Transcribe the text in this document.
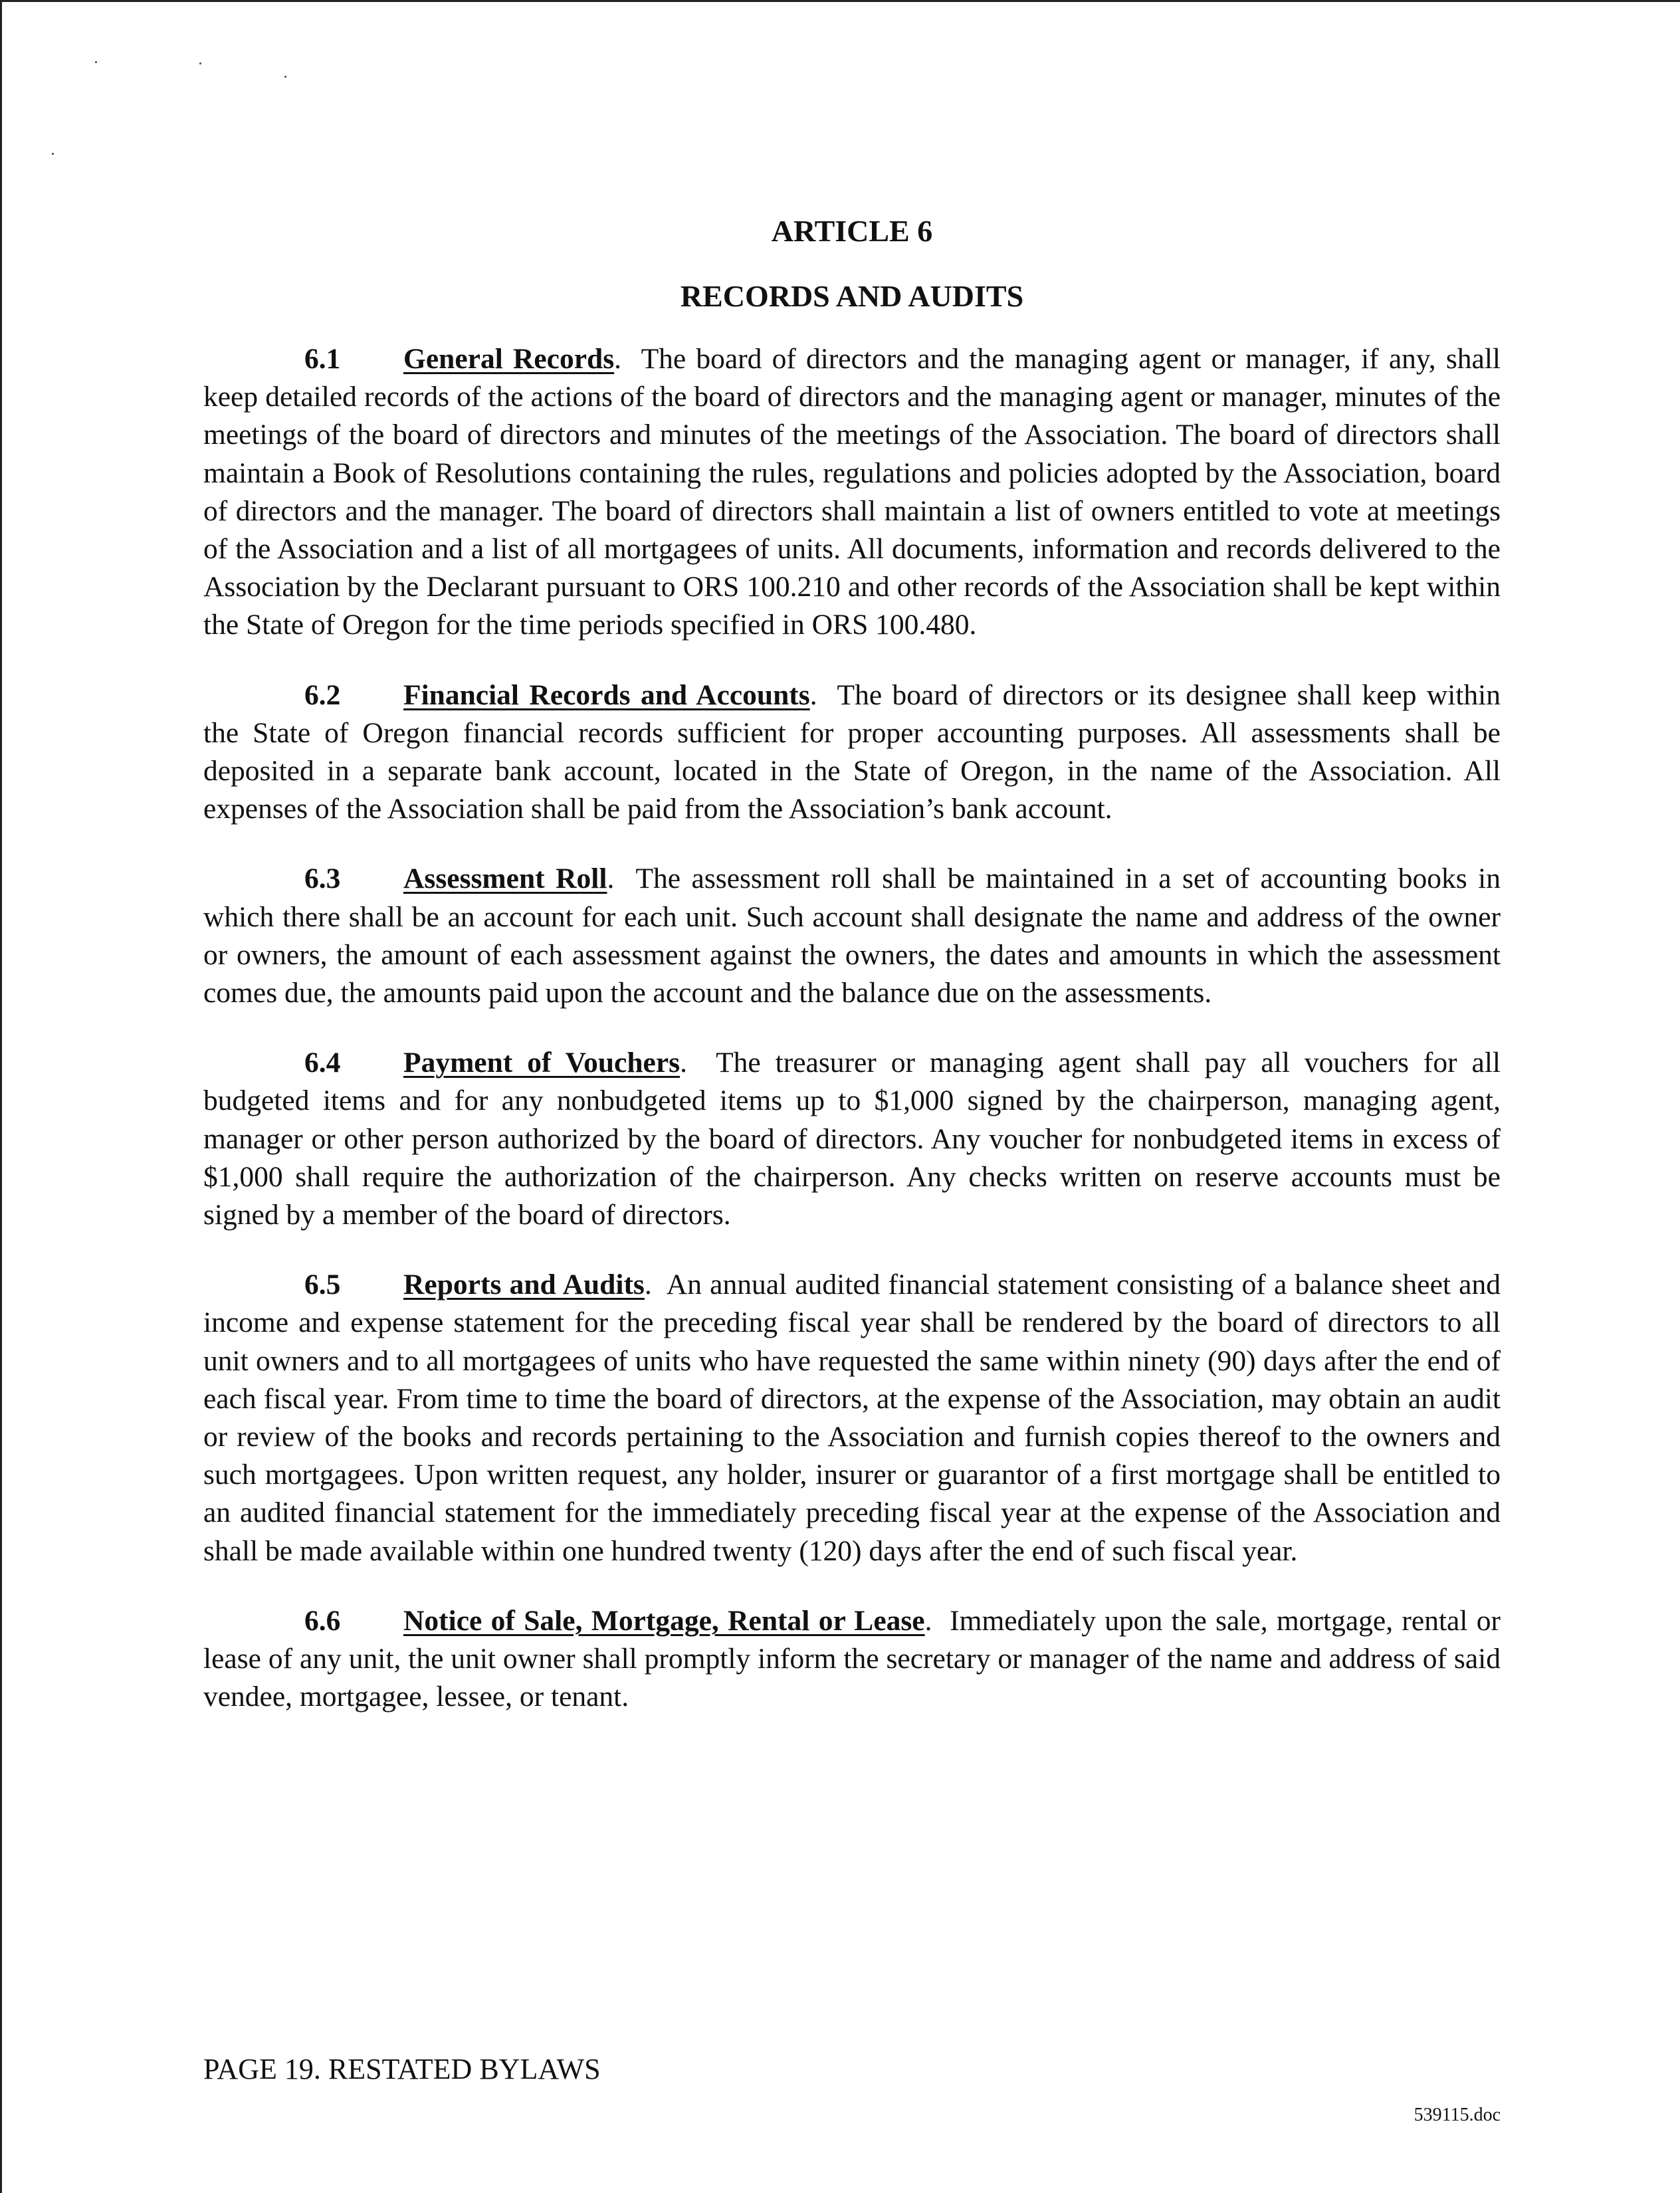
ARTICLE 6
RECORDS AND AUDITS

6.1 General Records.  The board of directors and the managing agent or manager, if any, shall keep detailed records of the actions of the board of directors and the managing agent or manager, minutes of the meetings of the board of directors and minutes of the meetings of the Association. The board of directors shall maintain a Book of Resolutions containing the rules, regulations and policies adopted by the Association, board of directors and the manager. The board of directors shall maintain a list of owners entitled to vote at meetings of the Association and a list of all mortgagees of units. All documents, information and records delivered to the Association by the Declarant pursuant to ORS 100.210 and other records of the Association shall be kept within the State of Oregon for the time periods specified in ORS 100.480.

6.2 Financial Records and Accounts.  The board of directors or its designee shall keep within the State of Oregon financial records sufficient for proper accounting purposes. All assessments shall be deposited in a separate bank account, located in the State of Oregon, in the name of the Association. All expenses of the Association shall be paid from the Association’s bank account.

6.3 Assessment Roll.  The assessment roll shall be maintained in a set of accounting books in which there shall be an account for each unit. Such account shall designate the name and address of the owner or owners, the amount of each assessment against the owners, the dates and amounts in which the assessment comes due, the amounts paid upon the account and the balance due on the assessments.

6.4 Payment of Vouchers.  The treasurer or managing agent shall pay all vouchers for all budgeted items and for any nonbudgeted items up to $1,000 signed by the chairperson, managing agent, manager or other person authorized by the board of directors. Any voucher for nonbudgeted items in excess of $1,000 shall require the authorization of the chairperson. Any checks written on reserve accounts must be signed by a member of the board of directors.

6.5 Reports and Audits.  An annual audited financial statement consisting of a balance sheet and income and expense statement for the preceding fiscal year shall be rendered by the board of directors to all unit owners and to all mortgagees of units who have requested the same within ninety (90) days after the end of each fiscal year. From time to time the board of directors, at the expense of the Association, may obtain an audit or review of the books and records pertaining to the Association and furnish copies thereof to the owners and such mortgagees. Upon written request, any holder, insurer or guarantor of a first mortgage shall be entitled to an audited financial statement for the immediately preceding fiscal year at the expense of the Association and shall be made available within one hundred twenty (120) days after the end of such fiscal year.

6.6 Notice of Sale, Mortgage, Rental or Lease.  Immediately upon the sale, mortgage, rental or lease of any unit, the unit owner shall promptly inform the secretary or manager of the name and address of said vendee, mortgagee, lessee, or tenant.

PAGE 19. RESTATED BYLAWS
539115.doc
